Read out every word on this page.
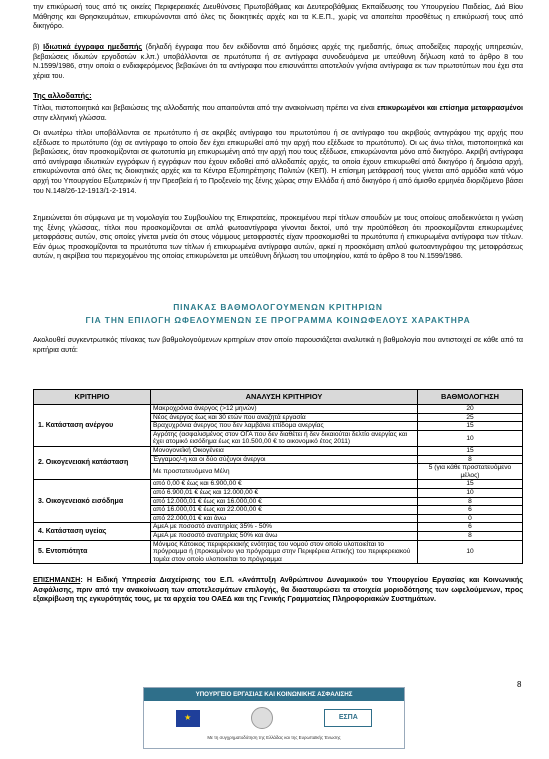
την επικύρωσή τους από τις οικείες Περιφερειακές Διευθύνσεις Πρωτοβάθμιας και Δευτεροβάθμιας Εκπαίδευσης του Υπουργείου Παιδείας, Διά Βίου Μάθησης και Θρησκευμάτων, επικυρώνονται από όλες τις διοικητικές αρχές και τα Κ.Ε.Π., χωρίς να απαιτείται προσθέτως η επικύρωσή τους από δικηγόρο.

β) Ιδιωτικά έγγραφα ημεδαπής (δηλαδή έγγραφα που δεν εκδίδονται από δημόσιες αρχές της ημεδαπής, όπως αποδείξεις παροχής υπηρεσιών, βεβαιώσεις ιδιωτών εργοδοτών κ.λπ.) υποβάλλονται σε πρωτότυπα ή σε αντίγραφα συνοδευόμενα με υπεύθυνη δήλωση κατά το άρθρο 8 του Ν.1599/1986, στην οποία ο ενδιαφερόμενος βεβαιώνει ότι τα αντίγραφα που επισυνάπτει αποτελούν γνήσια αντίγραφα εκ των πρωτοτύπων που έχει στα χέρια του.

Της αλλοδαπής:

Τίτλοι, πιστοποιητικά και βεβαιώσεις της αλλοδαπής που απαιτούνται από την ανακοίνωση πρέπει να είναι επικυρωμένοι και επίσημα μεταφρασμένοι στην ελληνική γλώσσα.

Οι ανωτέρω τίτλοι υποβάλλονται σε πρωτότυπο ή σε ακριβές αντίγραφο του πρωτοτύπου ή σε αντίγραφο του ακριβούς αντιγράφου της αρχής που εξέδωσε το πρωτότυπο (όχι σε αντίγραφο το οποίο δεν έχει επικυρωθεί από την αρχή που εξέδωσε το πρωτότυπο). Οι ως άνω τίτλοι, πιστοποιητικά και βεβαιώσεις, όταν προσκομίζονται σε φωτοτυπία μη επικυρωμένη από την αρχή που τους εξέδωσε, επικυρώνονται μόνο από δικηγόρο. Ακριβή αντίγραφα από αντίγραφα ιδιωτικών εγγράφων ή εγγράφων που έχουν εκδοθεί από αλλοδαπές αρχές, τα οποία έχουν επικυρωθεί από δικηγόρο ή δημόσια αρχή, επικυρώνονται από όλες τις διοικητικές αρχές και τα Κέντρα Εξυπηρέτησης Πολιτών (ΚΕΠ). Η επίσημη μετάφρασή τους γίνεται από αρμόδια κατά νόμο αρχή του Υπουργείου Εξωτερικών ή την Πρεσβεία ή το Προξενείο της ξένης χώρας στην Ελλάδα ή από δικηγόρο ή από άμισθο ερμηνέα διοριζόμενο βάσει του Ν.148/26-12-1913/1-2-1914.

Σημειώνεται ότι σύμφωνα με τη νομολογία του Συμβουλίου της Επικρατείας, προκειμένου περί τίτλων σπουδών με τους οποίους αποδεικνύεται η γνώση της ξένης γλώσσας, τίτλοι που προσκομίζονται σε απλά φωτοαντίγραφα γίνονται δεκτοί, υπό την προϋπόθεση ότι προσκομίζονται επικυρωμένες μεταφράσεις αυτών, στις οποίες γίνεται μνεία ότι στους νόμιμους μεταφραστές είχαν προσκομισθεί τα πρωτότυπα ή επικυρωμένα αντίγραφα των τίτλων. Εάν όμως προσκομίζονται τα πρωτότυπα των τίτλων ή επικυρωμένα αντίγραφα αυτών, αρκεί η προσκόμιση απλού φωτοαντιγράφου της μεταφράσεως αυτών, η ακρίβεια του περιεχομένου της οποίας επικυρώνεται με υπεύθυνη δήλωση του υποψηφίου, κατά το άρθρο 8 του Ν.1599/1986.

ΠΙΝΑΚΑΣ ΒΑΘΜΟΛΟΓΟΥΜΕΝΩΝ ΚΡΙΤΗΡΙΩΝ
ΓΙΑ ΤΗΝ ΕΠΙΛΟΓΗ ΩΦΕΛΟΥΜΕΝΩΝ ΣΕ ΠΡΟΓΡΑΜΜΑ ΚΟΙΝΩΦΕΛΟΥΣ ΧΑΡΑΚΤΗΡΑ

Ακολουθεί συγκεντρωτικός πίνακας των βαθμολογούμενων κριτηρίων στον οποίο παρουσιάζεται αναλυτικά η βαθμολογία που αντιστοιχεί σε κάθε από τα κριτήρια αυτά:

ΚΡΙΤΗΡΙΟ	ΑΝΑΛΥΣΗ ΚΡΙΤΗΡΙΟΥ	ΒΑΘΜΟΛΟΓΗΣΗ
1. Κατάσταση ανέργου	Μακροχρόνια άνεργος (>12 μηνών)	20
	Νέος άνεργος έως και 30 ετών που αναζητά εργασία	25
	Βραχυχρόνια άνεργος που δεν λαμβάνει επίδομα ανεργίας	15
	Αγρότης (ασφαλισμένος στον ΟΓΑ που δεν διαθέτει ή δεν δικαιούται δελτίο ανεργίας και έχει ατομικό εισόδημα έως και 10.500,00 € το οικονομικό έτος 2011)	10
2. Οικογενειακή κατάσταση	Μονογονεϊκή Οικογένεια	15
	Έγγαμος/-η και οι δύο σύζυγοι άνεργοι	8
	Με προστατευόμενα Μέλη	5 (για κάθε προστατευόμενο μέλος)
3. Οικογενειακό εισόδημα	από 0,00 € έως και 6.900,00 €	15
	από 6.900,01 € έως και 12.000,00 €	10
	από 12.000,01 € έως και 16.000,00 €	8
	από 16.000,01 € έως και 22.000,00 €	6
	από 22.000,01 € και άνω	0
4. Κατάσταση υγείας	ΑμεΑ με ποσοστό αναπηρίας 35% - 50%	6
	ΑμεΑ με ποσοστό αναπηρίας 50% και άνω	8
5. Εντοπιότητα	Μόνιμος Κάτοικος περιφερειακής ενότητας του νομού στον οποίο υλοποιείται το πρόγραμμα ή (προκειμένου για πρόγραμμα στην Περιφέρεια Αττικής) του περιφερειακού τομέα στον οποίο υλοποιείται το πρόγραμμα	10

ΕΠΙΣΗΜΑΝΣΗ: Η Ειδική Υπηρεσία Διαχείρισης του Ε.Π. «Ανάπτυξη Ανθρώπινου Δυναμικού» του Υπουργείου Εργασίας και Κοινωνικής Ασφάλισης, πριν από την ανακοίνωση των αποτελεσμάτων επιλογής, θα διασταυρώσει τα στοιχεία μοριοδότησης των ωφελούμενων, προς εξακρίβωση της εγκυρότητάς τους, με τα αρχεία του ΟΑΕΔ και της Γενικής Γραμματείας Πληροφοριακών Συστημάτων.

8
ΥΠΟΥΡΓΕΙΟ ΕΡΓΑΣΙΑΣ ΚΑΙ ΚΟΙΝΩΝΙΚΗΣ ΑΣΦΑΛΙΣΗΣ
★	ΕΣΠΑ
Με τη συγχρηματοδότηση της Ελλάδας και της Ευρωπαϊκής Ένωσης
